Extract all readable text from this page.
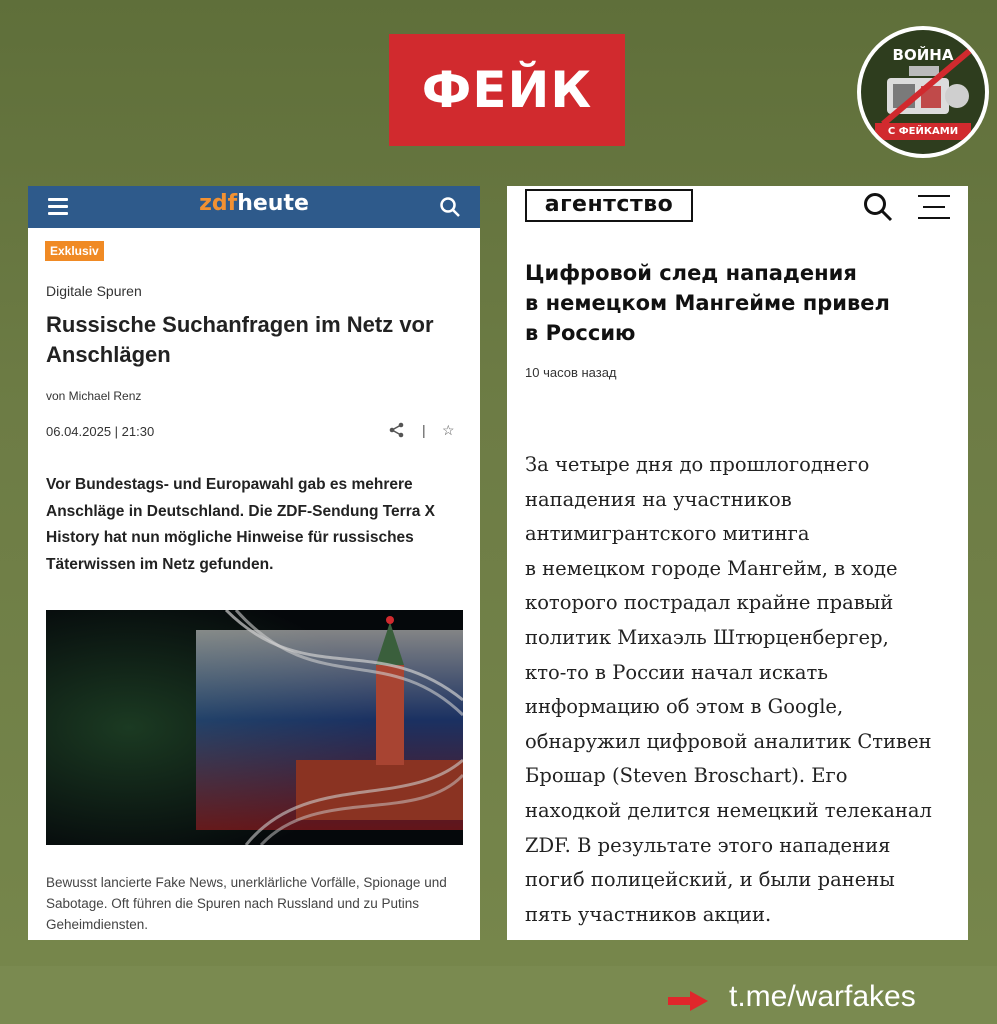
ФЕЙК
ВОЙНА
С ФЕЙКАМИ
zdfheute
Exklusiv
Digitale Spuren
Russische Suchanfragen im Netz vor Anschlägen
von Michael Renz
06.04.2025 | 21:30	| ☆
Vor Bundestags- und Europawahl gab es mehrere Anschläge in Deutschland. Die ZDF-Sendung Terra X History hat nun mögliche Hinweise für russisches Täterwissen im Netz gefunden.
Bewusst lancierte Fake News, unerklärliche Vorfälle, Spionage und Sabotage. Oft führen die Spuren nach Russland und zu Putins Geheimdiensten.
агентство
Цифровой след нападения
в немецком Мангейме привел
в Россию
10 часов назад
За четыре дня до прошлогоднего
нападения на участников
антимигрантского митинга
в немецком городе Мангейм, в ходе
которого пострадал крайне правый
политик Михаэль Штюрценбергер,
кто-то в России начал искать
информацию об этом в Google,
обнаружил цифровой аналитик Стивен
Брошар (Steven Broschart). Его
находкой делится немецкий телеканал
ZDF. В результате этого нападения
погиб полицейский, и были ранены
пять участников акции.
t.me/warfakes
